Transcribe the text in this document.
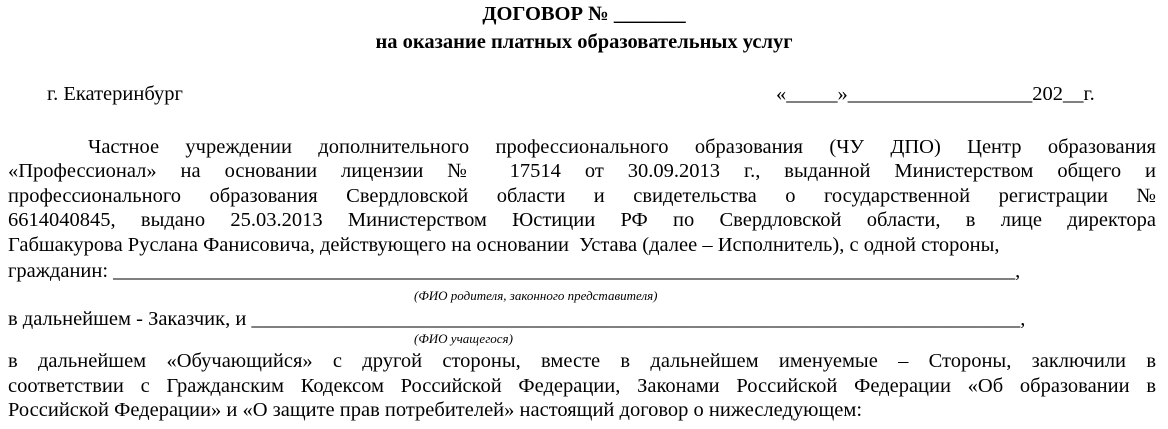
ДОГОВОР № _______
на оказание платных образовательных услуг
г. Екатеринбург	«_____»__________________202__г.
Частное учреждении дополнительного профессионального образования (ЧУ ДПО) Центр образования
«Профессионал» на основании лицензии № 17514 от 30.09.2013 г., выданной Министерством общего и
профессионального образования Свердловской области и свидетельства о государственной регистрации №
6614040845, выдано 25.03.2013 Министерством Юстиции РФ по Свердловской области, в лице директора
Габшакурова Руслана Фанисовича, действующего на основании  Устава (далее – Исполнитель), с одной стороны,
гражданин: ________________________________________________________________________________________,
(ФИО родителя, законного представителя)
в дальнейшем - Заказчик, и ___________________________________________________________________________,
(ФИО учащегося)
в дальнейшем «Обучающийся» с другой стороны, вместе в дальнейшем именуемые – Стороны, заключили в
соответствии с Гражданским Кодексом Российской Федерации, Законами Российской Федерации «Об образовании в
Российской Федерации» и «О защите прав потребителей» настоящий договор о нижеследующем:
